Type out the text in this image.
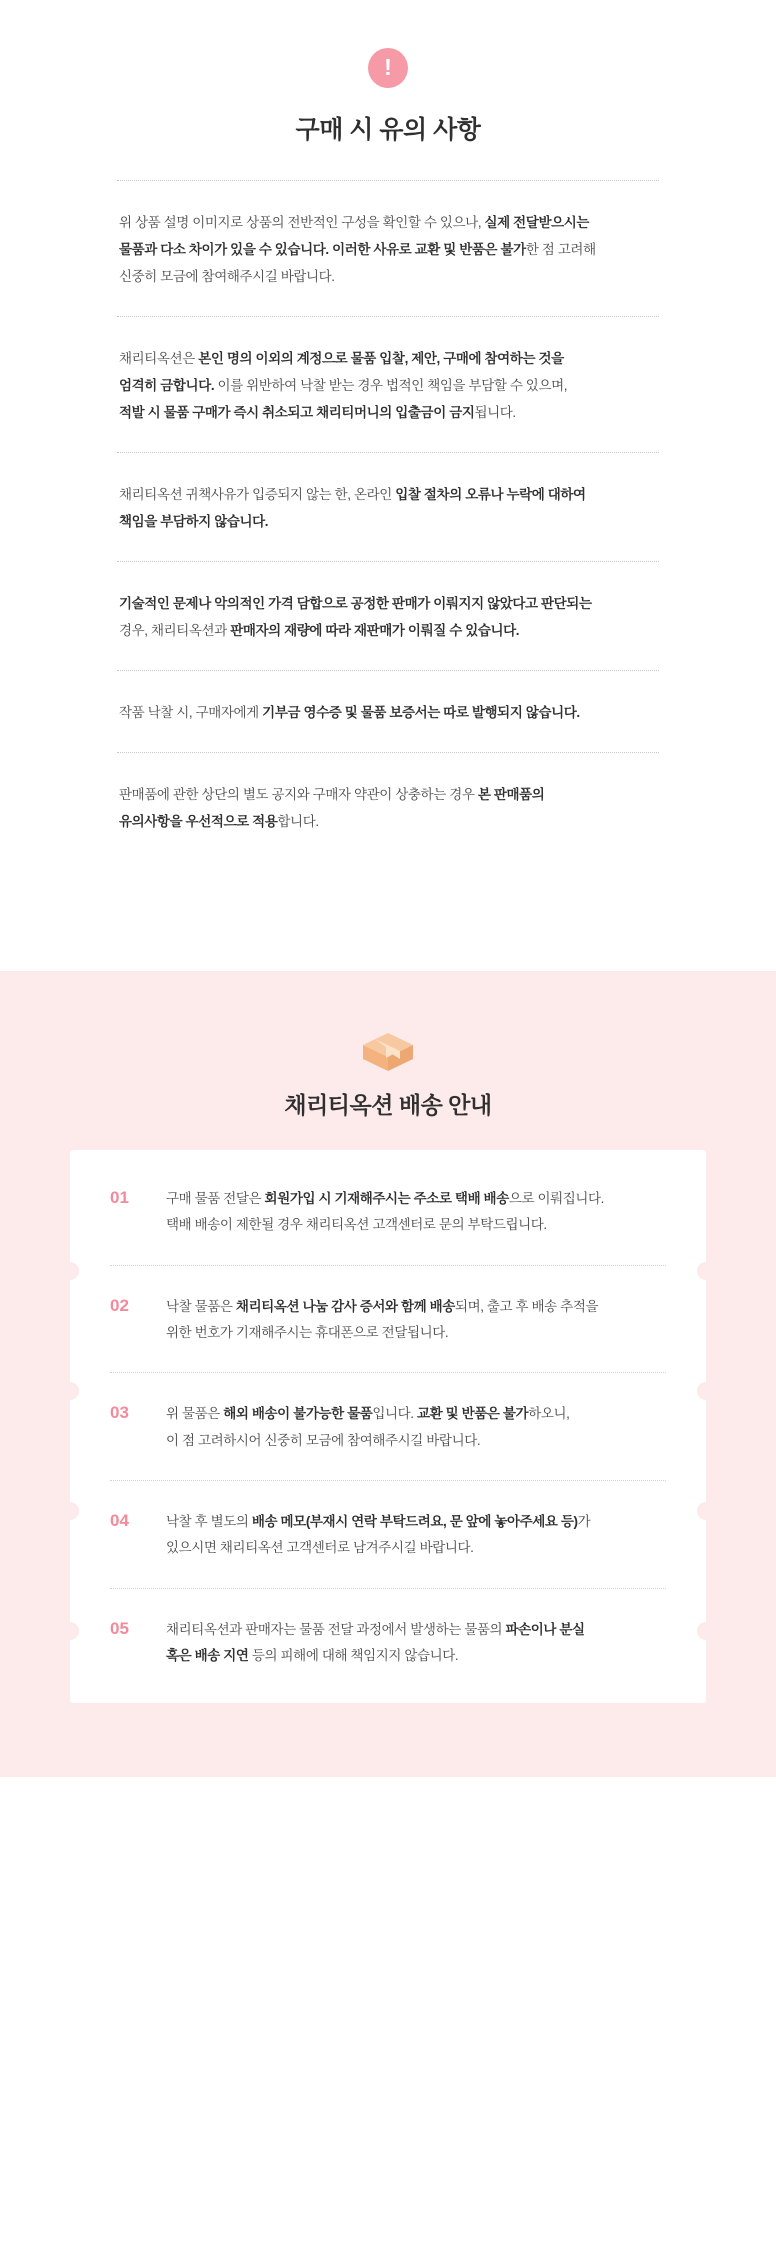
!
구매 시 유의 사항
위 상품 설명 이미지로 상품의 전반적인 구성을 확인할 수 있으나, 실제 전달받으시는
물품과 다소 차이가 있을 수 있습니다. 이러한 사유로 교환 및 반품은 불가한 점 고려해
신중히 모금에 참여해주시길 바랍니다.
채리티옥션은 본인 명의 이외의 계정으로 물품 입찰, 제안, 구매에 참여하는 것을
엄격히 금합니다. 이를 위반하여 낙찰 받는 경우 법적인 책임을 부담할 수 있으며,
적발 시 물품 구매가 즉시 취소되고 채리티머니의 입출금이 금지됩니다.
채리티옥션 귀책사유가 입증되지 않는 한, 온라인 입찰 절차의 오류나 누락에 대하여
책임을 부담하지 않습니다.
기술적인 문제나 악의적인 가격 담합으로 공정한 판매가 이뤄지지 않았다고 판단되는
경우, 채리티옥션과 판매자의 재량에 따라 재판매가 이뤄질 수 있습니다.
작품 낙찰 시, 구매자에게 기부금 영수증 및 물품 보증서는 따로 발행되지 않습니다.
판매품에 관한 상단의 별도 공지와 구매자 약관이 상충하는 경우 본 판매품의
유의사항을 우선적으로 적용합니다.
채리티옥션 배송 안내
01	구매 물품 전달은 회원가입 시 기재해주시는 주소로 택배 배송으로 이뤄집니다.
택배 배송이 제한될 경우 채리티옥션 고객센터로 문의 부탁드립니다.
02	낙찰 물품은 채리티옥션 나눔 감사 증서와 함께 배송되며, 출고 후 배송 추적을
위한 번호가 기재해주시는 휴대폰으로 전달됩니다.
03	위 물품은 해외 배송이 불가능한 물품입니다. 교환 및 반품은 불가하오니,
이 점 고려하시어 신중히 모금에 참여해주시길 바랍니다.
04	낙찰 후 별도의 배송 메모(부재시 연락 부탁드려요, 문 앞에 놓아주세요 등)가
있으시면 채리티옥션 고객센터로 남겨주시길 바랍니다.
05	채리티옥션과 판매자는 물품 전달 과정에서 발생하는 물품의 파손이나 분실
혹은 배송 지연 등의 피해에 대해 책임지지 않습니다.
